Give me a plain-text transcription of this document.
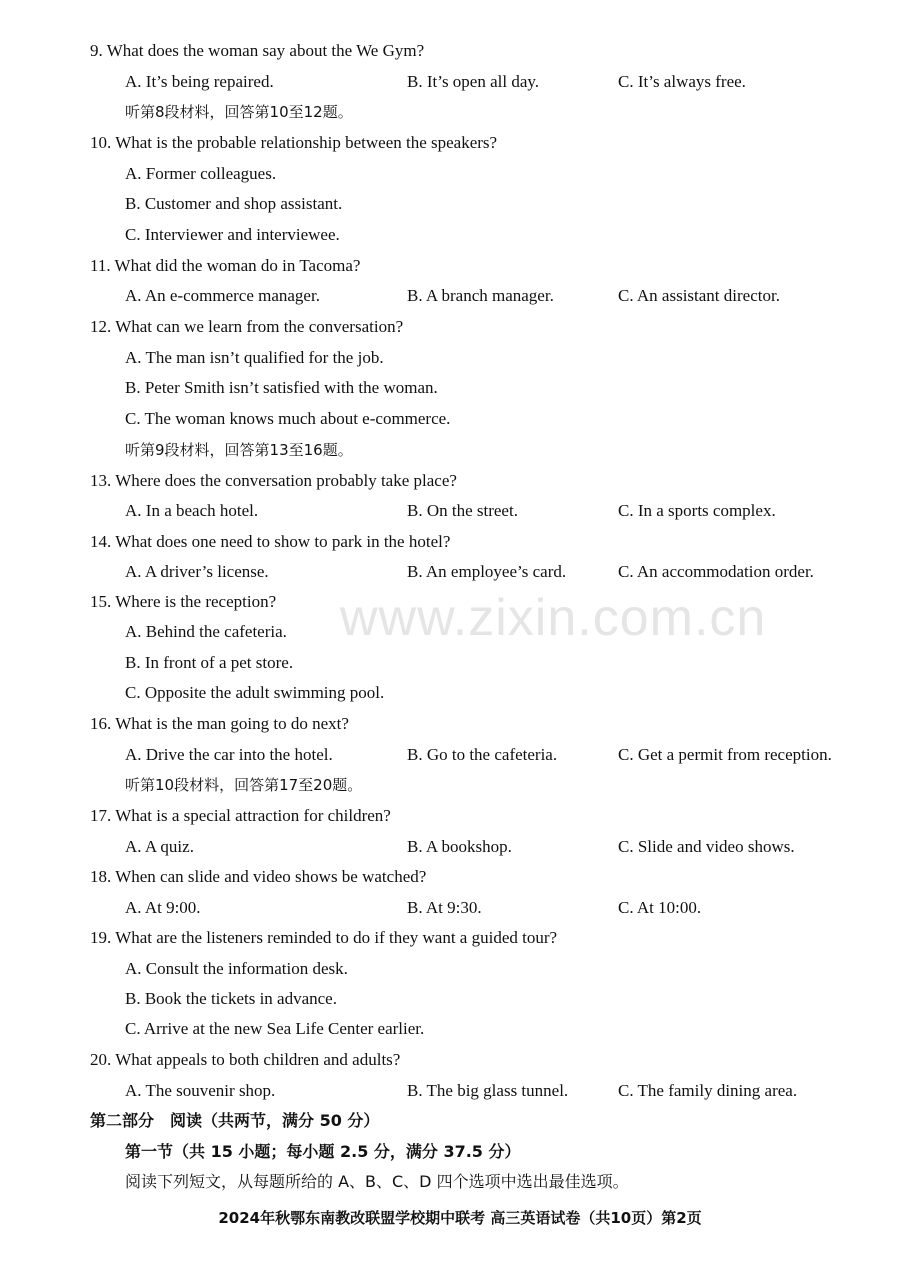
9. What does the woman say about the We Gym?
A. It’s being repaired.	B. It’s open all day.	C. It’s always free.
听第8段材料，回答第10至12题。
10. What is the probable relationship between the speakers?
A. Former colleagues.
B. Customer and shop assistant.
C. Interviewer and interviewee.
11. What did the woman do in Tacoma?
A. An e-commerce manager.	B. A branch manager.	C. An assistant director.
12. What can we learn from the conversation?
A. The man isn’t qualified for the job.
B. Peter Smith isn’t satisfied with the woman.
C. The woman knows much about e-commerce.
听第9段材料，回答第13至16题。
13. Where does the conversation probably take place?
A. In a beach hotel.	B. On the street.	C. In a sports complex.
14. What does one need to show to park in the hotel?
A. A driver’s license.	B. An employee’s card.	C. An accommodation order.
15. Where is the reception?
A. Behind the cafeteria.
B. In front of a pet store.
C. Opposite the adult swimming pool.
16. What is the man going to do next?
A. Drive the car into the hotel.	B. Go to the cafeteria.	C. Get a permit from reception.
听第10段材料，回答第17至20题。
17. What is a special attraction for children?
A. A quiz.	B. A bookshop.	C. Slide and video shows.
18. When can slide and video shows be watched?
A. At 9:00.	B. At 9:30.	C. At 10:00.
19. What are the listeners reminded to do if they want a guided tour?
A. Consult the information desk.
B. Book the tickets in advance.
C. Arrive at the new Sea Life Center earlier.
20. What appeals to both children and adults?
A. The souvenir shop.	B. The big glass tunnel.	C. The family dining area.
第二部分　阅读（共两节，满分 50 分）
第一节（共 15 小题；每小题 2.5 分，满分 37.5 分）
阅读下列短文，从每题所给的 A、B、C、D 四个选项中选出最佳选项。
2024年秋鄂东南教改联盟学校期中联考 高三英语试卷（共10页）第2页
www.zixin.com.cn
